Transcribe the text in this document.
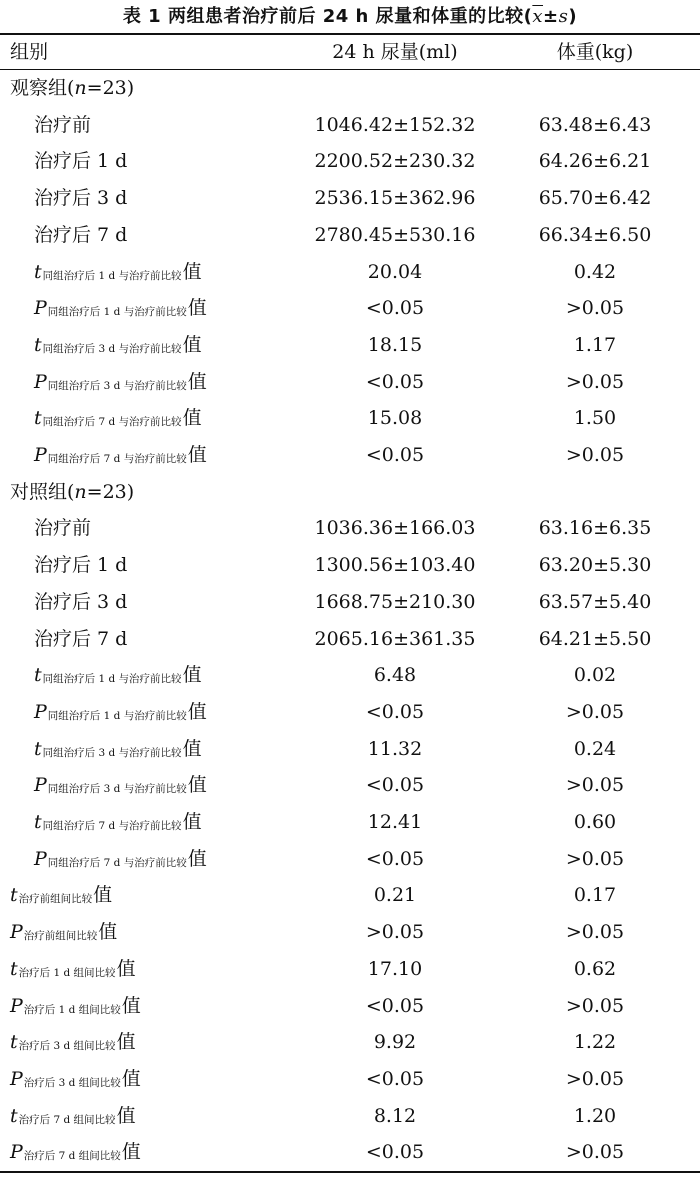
表 1 两组患者治疗前后 24 h 尿量和体重的比较$(\overline{x}\pm s)$
组别	24 h 尿量(ml)	体重(kg)
观察组(n=23)
治疗前	1046.42±152.32	63.48±6.43
治疗后 1 d	2200.52±230.32	64.26±6.21
治疗后 3 d	2536.15±362.96	65.70±6.42
治疗后 7 d	2780.45±530.16	66.34±6.50
t同组治疗后 1 d 与治疗前比较值	20.04	0.42
P同组治疗后 1 d 与治疗前比较值	<0.05	>0.05
t同组治疗后 3 d 与治疗前比较值	18.15	1.17
P同组治疗后 3 d 与治疗前比较值	<0.05	>0.05
t同组治疗后 7 d 与治疗前比较值	15.08	1.50
P同组治疗后 7 d 与治疗前比较值	<0.05	>0.05
对照组(n=23)
治疗前	1036.36±166.03	63.16±6.35
治疗后 1 d	1300.56±103.40	63.20±5.30
治疗后 3 d	1668.75±210.30	63.57±5.40
治疗后 7 d	2065.16±361.35	64.21±5.50
t同组治疗后 1 d 与治疗前比较值	6.48	0.02
P同组治疗后 1 d 与治疗前比较值	<0.05	>0.05
t同组治疗后 3 d 与治疗前比较值	11.32	0.24
P同组治疗后 3 d 与治疗前比较值	<0.05	>0.05
t同组治疗后 7 d 与治疗前比较值	12.41	0.60
P同组治疗后 7 d 与治疗前比较值	<0.05	>0.05
t治疗前组间比较值	0.21	0.17
P治疗前组间比较值	>0.05	>0.05
t治疗后 1 d 组间比较值	17.10	0.62
P治疗后 1 d 组间比较值	<0.05	>0.05
t治疗后 3 d 组间比较值	9.92	1.22
P治疗后 3 d 组间比较值	<0.05	>0.05
t治疗后 7 d 组间比较值	8.12	1.20
P治疗后 7 d 组间比较值	<0.05	>0.05
